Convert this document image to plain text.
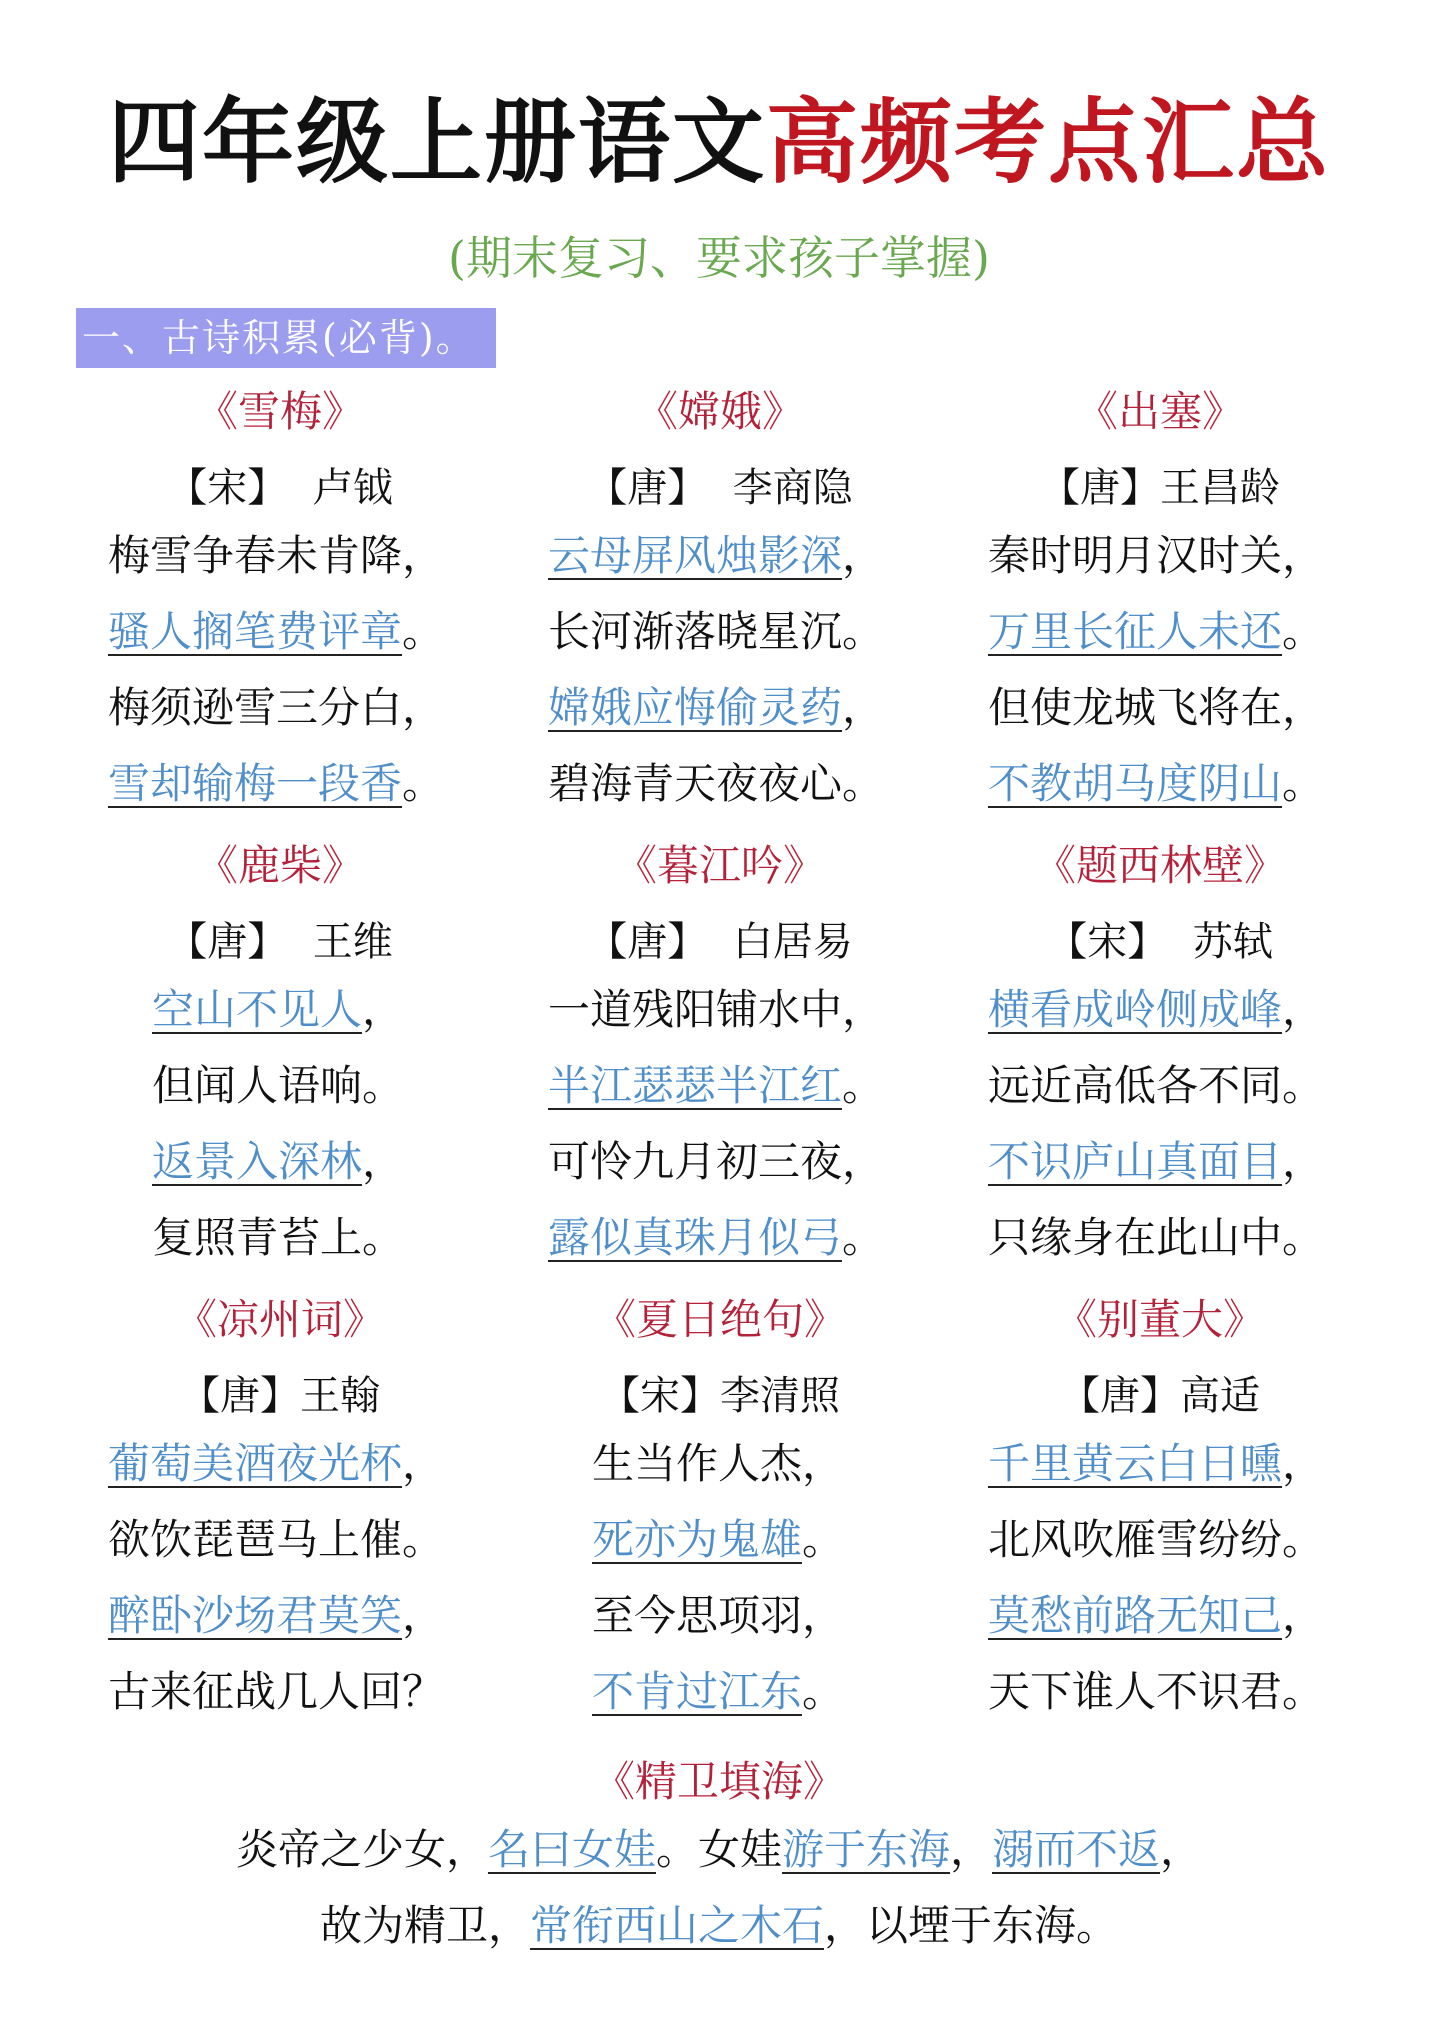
四年级上册语文高频考点汇总
(期末复习、要求孩子掌握)
一、古诗积累(必背)。
《雪梅》
【宋】  卢钺
梅雪争春未肯降，
骚人搁笔费评章。
梅须逊雪三分白，
雪却输梅一段香。
《嫦娥》
【唐】  李商隐
云母屏风烛影深，
长河渐落晓星沉。
嫦娥应悔偷灵药，
碧海青天夜夜心。
《出塞》
【唐】王昌龄
秦时明月汉时关，
万里长征人未还。
但使龙城飞将在，
不教胡马度阴山。
《鹿柴》
【唐】  王维
空山不见人，
但闻人语响。
返景入深林，
复照青苔上。
《暮江吟》
【唐】  白居易
一道残阳铺水中，
半江瑟瑟半江红。
可怜九月初三夜，
露似真珠月似弓。
《题西林壁》
【宋】  苏轼
横看成岭侧成峰，
远近高低各不同。
不识庐山真面目，
只缘身在此山中。
《凉州词》
【唐】王翰
葡萄美酒夜光杯，
欲饮琵琶马上催。
醉卧沙场君莫笑，
古来征战几人回？
《夏日绝句》
【宋】李清照
生当作人杰，
死亦为鬼雄。
至今思项羽，
不肯过江东。
《别董大》
【唐】高适
千里黄云白日曛，
北风吹雁雪纷纷。
莫愁前路无知己，
天下谁人不识君。
《精卫填海》
炎帝之少女，名曰女娃。女娃游于东海，溺而不返，
故为精卫，常衔西山之木石，以堙于东海。
